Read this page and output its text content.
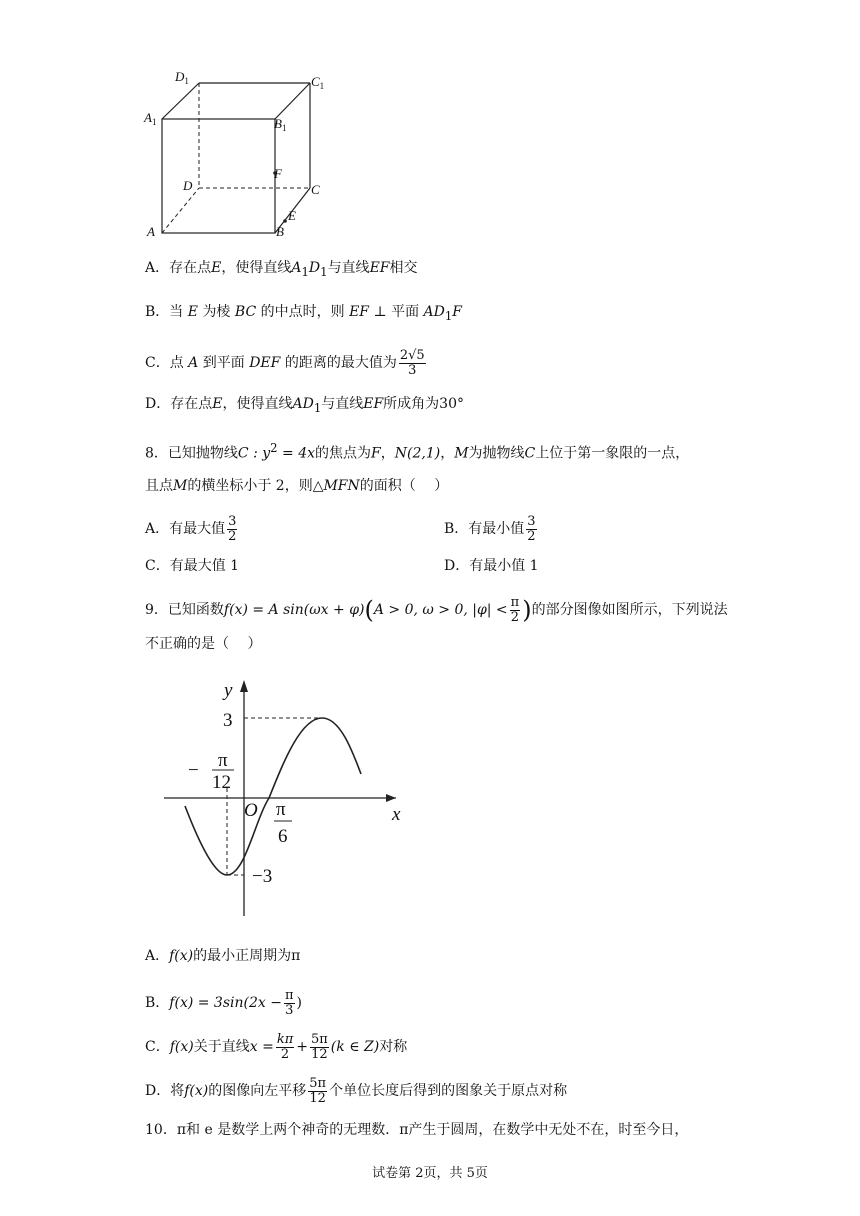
$D_1$	$C_1$
$A_1$	$B_1$
D	C
A	B
E
F
A．存在点E，使得直线$A_1D_1$与直线EF相交
B．当 E 为棱 BC 的中点时，则 EF ⊥ 平面 $AD_1F$
C．点 A 到平面 DEF 的距离的最大值为 $\frac{2√5}{3}$
D．存在点E，使得直线$AD_1$与直线EF所成角为30°
8．已知抛物线C : $y^2 = 4x$的焦点为F，N(2,1)，M为抛物线C上位于第一象限的一点，
且点M的横坐标小于 2，则△MFN的面积（　 ）
A．有最大值 $\frac{3}{2}$	B．有最小值 $\frac{3}{2}$
C．有最大值 1	D．有最小值 1
9．已知函数f(x) = A sin(ωx + φ)(A > 0, ω > 0, $|\varphi| < \frac{\pi}{2}$ )的部分图像如图所示，下列说法
不正确的是（　 ）
y
x
O
3
−3
− π
12
π
6
A．f(x)的最小正周期为π
B．$f(x) = 3\sin(2x - \frac{\pi}{3}$ )
C．f(x)关于直线$x = \frac{k\pi}{2} + \frac{5\pi}{12} (k$ ∈ Z)对称
D．将f(x)的图像向左平移 $\frac{5\pi}{12}$ 个单位长度后得到的图象关于原点对称
10．π和 e 是数学上两个神奇的无理数．π产生于圆周，在数学中无处不在，时至今日，
试卷第 2页，共 5页
